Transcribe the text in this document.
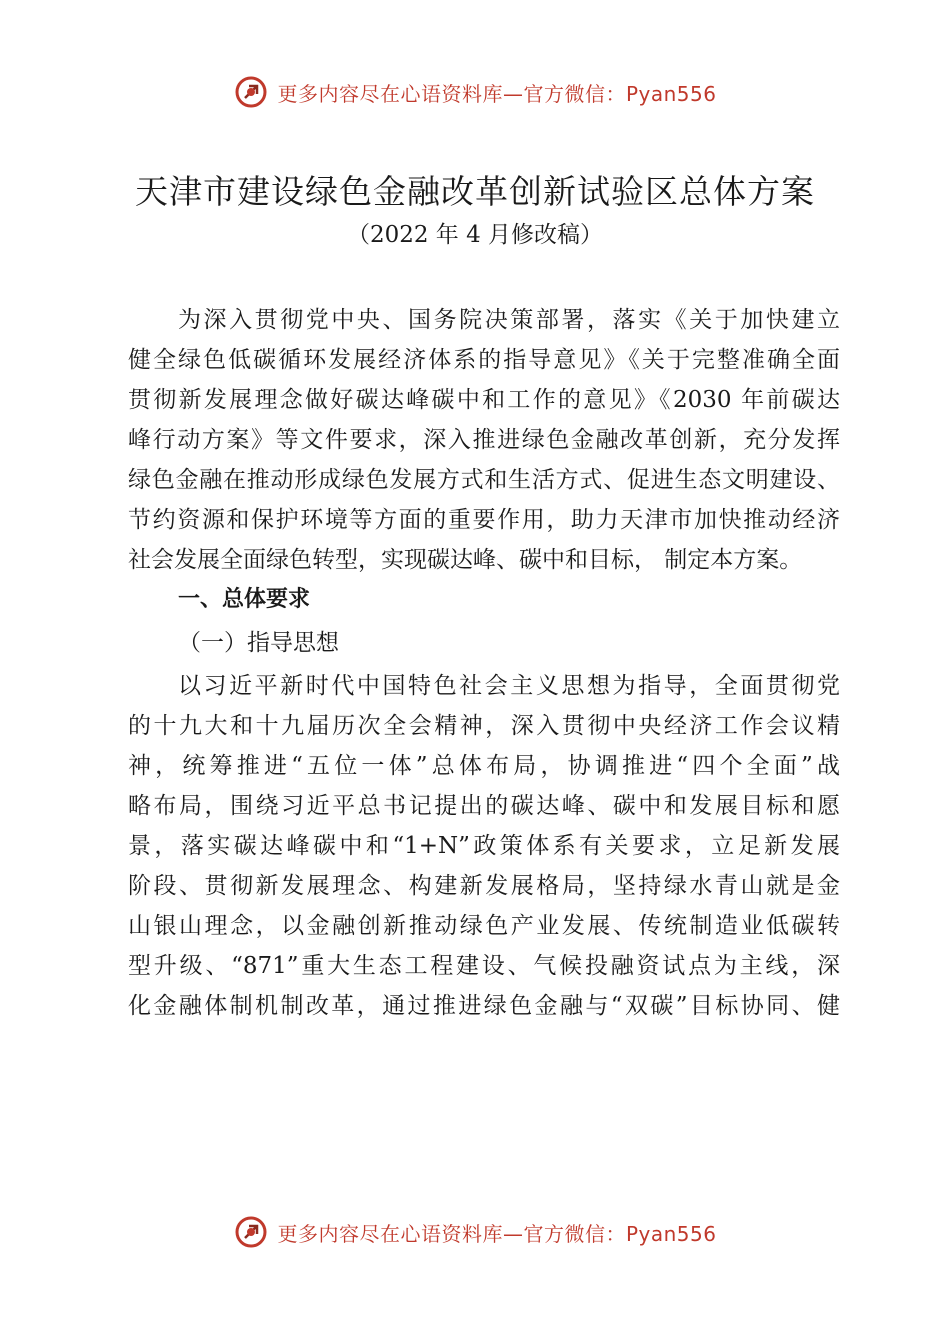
更多内容尽在心语资料库—官方微信：Pyan556
天津市建设绿色金融改革创新试验区总体方案
（2022 年 4 月修改稿）
为深入贯彻党中央、国务院决策部署，落实《关于加快建立
健全绿色低碳循环发展经济体系的指导意见》《关于完整准确全面
贯彻新发展理念做好碳达峰碳中和工作的意见》《2030 年前碳达
峰行动方案》等文件要求，深入推进绿色金融改革创新，充分发挥
绿色金融在推动形成绿色发展方式和生活方式、促进生态文明建设、
节约资源和保护环境等方面的重要作用，助力天津市加快推动经济
社会发展全面绿色转型，实现碳达峰、碳中和目标， 制定本方案。
一、总体要求
（一）指导思想
以习近平新时代中国特色社会主义思想为指导，全面贯彻党
的十九大和十九届历次全会精神，深入贯彻中央经济工作会议精
神，统筹推进“五位一体”总体布局，协调推进“四个全面”战
略布局，围绕习近平总书记提出的碳达峰、碳中和发展目标和愿
景，落实碳达峰碳中和“1+N”政策体系有关要求，立足新发展
阶段、贯彻新发展理念、构建新发展格局，坚持绿水青山就是金
山银山理念，以金融创新推动绿色产业发展、传统制造业低碳转
型升级、“871”重大生态工程建设、气候投融资试点为主线，深
化金融体制机制改革，通过推进绿色金融与“双碳”目标协同、健
更多内容尽在心语资料库—官方微信：Pyan556
